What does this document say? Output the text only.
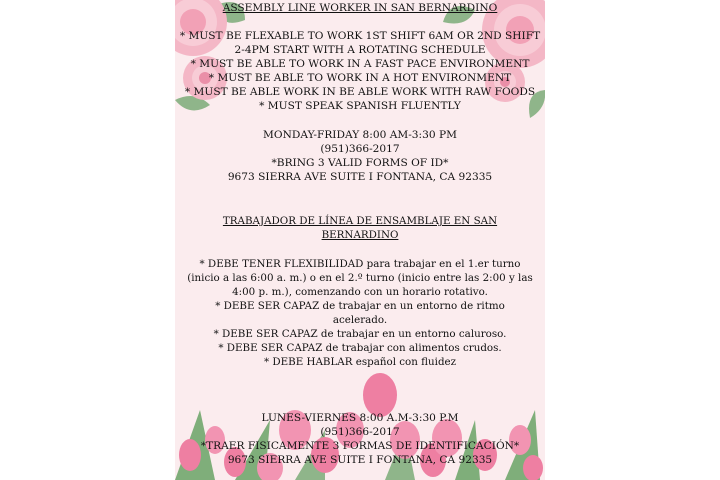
ASSEMBLY LINE WORKER IN SAN BERNARDINO
* MUST BE FLEXABLE TO WORK 1ST SHIFT 6AM OR 2ND SHIFT
2-4PM START WITH A ROTATING SCHEDULE
* MUST BE ABLE TO WORK IN A FAST PACE ENVIRONMENT
* MUST BE ABLE TO WORK IN A HOT ENVIRONMENT
* MUST BE ABLE WORK IN BE ABLE WORK WITH RAW FOODS
* MUST SPEAK SPANISH FLUENTLY
MONDAY-FRIDAY 8:00 AM-3:30 PM
(951)366-2017
*BRING 3 VALID FORMS OF ID*
9673 SIERRA AVE SUITE I FONTANA, CA 92335
TRABAJADOR DE LÍNEA DE ENSAMBLAJE EN SAN
BERNARDINO
* DEBE TENER FLEXIBILIDAD para trabajar en el 1.er turno
(inicio a las 6:00 a. m.) o en el 2.º turno (inicio entre las 2:00 y las
4:00 p. m.), comenzando con un horario rotativo.
* DEBE SER CAPAZ de trabajar en un entorno de ritmo
acelerado.
* DEBE SER CAPAZ de trabajar en un entorno caluroso.
* DEBE SER CAPAZ de trabajar con alimentos crudos.
* DEBE HABLAR español con fluidez
LUNES-VIERNES 8:00 A.M-3:30 P.M
(951)366-2017
*TRAER FISICAMENTE 3 FORMAS DE IDENTIFICACIÓN*
9673 SIERRA AVE SUITE I FONTANA, CA 92335
